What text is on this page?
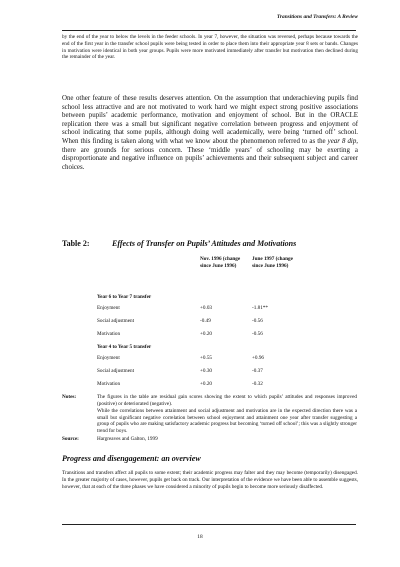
Transitions and Transfers: A Review

by the end of the year to below the levels in the feeder schools. In year 7, however, the situation was reversed, perhaps because towards the end of the first year in the transfer school pupils were being tested in order to place them into their appropriate year 8 sets or bands. Changes in motivation were identical in both year groups. Pupils were more motivated immediately after transfer but motivation then declined during the remainder of the year.

One other feature of these results deserves attention. On the assumption that underachieving pupils find school less attractive and are not motivated to work hard we might expect strong positive associations between pupils’ academic performance, motivation and enjoyment of school. But in the ORACLE replication there was a small but significant negative correlation between progress and enjoyment of school indicating that some pupils, although doing well academically, were being ‘turned off’ school. When this finding is taken along with what we know about the phenomenon referred to as the year 8 dip, there are grounds for serious concern. These ‘middle years’ of schooling may be exerting a disproportionate and negative influence on pupils’ achievements and their subsequent subject and career choices.

Table 2:	Effects of Transfer on Pupils’ Attitudes and Motivations
Nov. 1996 (change since June 1996)
June 1997 (change since June 1996)
Year 6 to Year 7 transfer
Enjoyment	+0.03	-1.81**
Social adjustment	-0.49	-0.56
Motivation	+0.20	-0.56
Year 4 to Year 5 transfer
Enjoyment	+0.55	+0.96
Social adjustment	+0.30	-0.37
Motivation	+0.20	-0.32
Notes:	The figures in the table are residual gain scores showing the extent to which pupils’ attitudes and responses improved (positive) or deteriorated (negative).
While the correlations between attainment and social adjustment and motivation are in the expected direction there was a small but significant negative correlation between school enjoyment and attainment one year after transfer suggesting a group of pupils who are making satisfactory academic progress but becoming ‘turned off school’; this was a slightly stronger trend for boys.
Source:	Hargreaves and Galton, 1999
Progress and disengagement: an overview

Transitions and transfers affect all pupils to some extent; their academic progress may falter and they may become (temporarily) disengaged. In the greater majority of cases, however, pupils get back on track. Our interpretation of the evidence we have been able to assemble suggests, however, that at each of the three phases we have considered a minority of pupils begin to become more seriously disaffected.

18
